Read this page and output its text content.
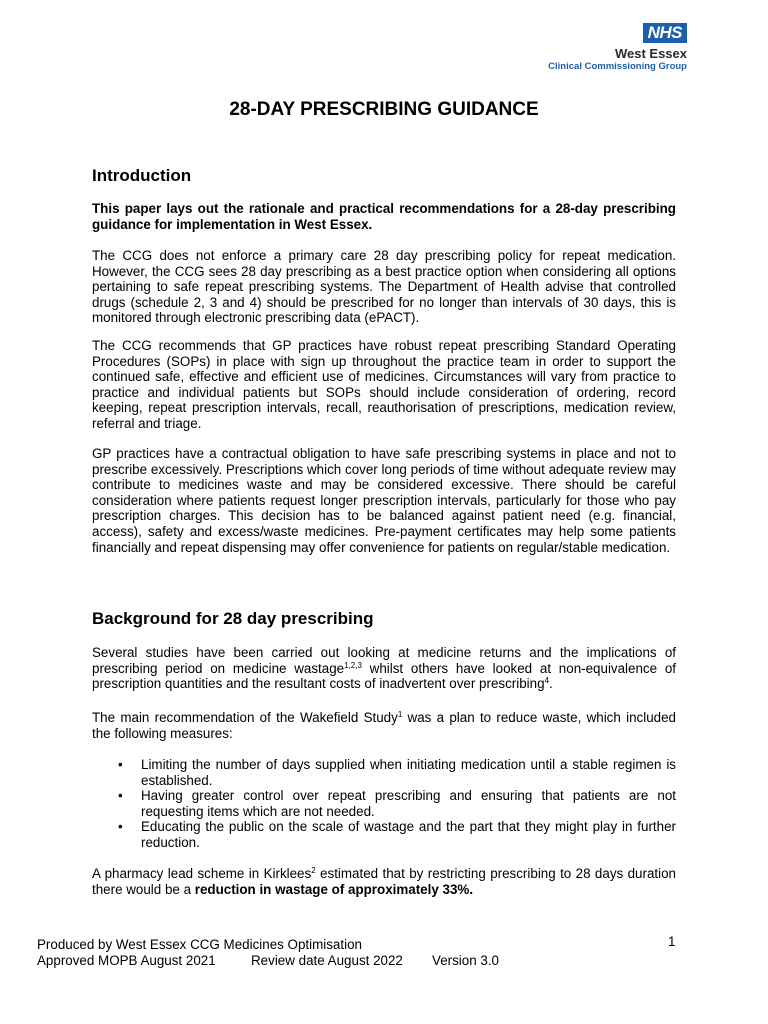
NHS
West Essex
Clinical Commissioning Group
28-DAY PRESCRIBING GUIDANCE
Introduction
This paper lays out the rationale and practical recommendations for a 28-day prescribing guidance for implementation in West Essex.
The CCG does not enforce a primary care 28 day prescribing policy for repeat medication. However, the CCG sees 28 day prescribing as a best practice option when considering all options pertaining to safe repeat prescribing systems. The Department of Health advise that controlled drugs (schedule 2, 3 and 4) should be prescribed for no longer than intervals of 30 days, this is monitored through electronic prescribing data (ePACT).
The CCG recommends that GP practices have robust repeat prescribing Standard Operating Procedures (SOPs) in place with sign up throughout the practice team in order to support the continued safe, effective and efficient use of medicines. Circumstances will vary from practice to practice and individual patients but SOPs should include consideration of ordering, record keeping, repeat prescription intervals, recall, reauthorisation of prescriptions, medication review, referral and triage.
GP practices have a contractual obligation to have safe prescribing systems in place and not to prescribe excessively. Prescriptions which cover long periods of time without adequate review may contribute to medicines waste and may be considered excessive. There should be careful consideration where patients request longer prescription intervals, particularly for those who pay prescription charges. This decision has to be balanced against patient need (e.g. financial, access), safety and excess/waste medicines. Pre-payment certificates may help some patients financially and repeat dispensing may offer convenience for patients on regular/stable medication.
Background for 28 day prescribing
Several studies have been carried out looking at medicine returns and the implications of prescribing period on medicine wastage$^{1,2,3}$ whilst others have looked at non-equivalence of prescription quantities and the resultant costs of inadvertent over prescribing$^4$.
The main recommendation of the Wakefield Study$^1$ was a plan to reduce waste, which included the following measures:
• Limiting the number of days supplied when initiating medication until a stable regimen is established.
• Having greater control over repeat prescribing and ensuring that patients are not requesting items which are not needed.
• Educating the public on the scale of wastage and the part that they might play in further reduction.
A pharmacy lead scheme in Kirklees$^2$ estimated that by restricting prescribing to 28 days duration there would be a reduction in wastage of approximately 33%.
1
Produced by West Essex CCG Medicines Optimisation
Approved MOPB August 2021	Review date August 2022 Version 3.0
